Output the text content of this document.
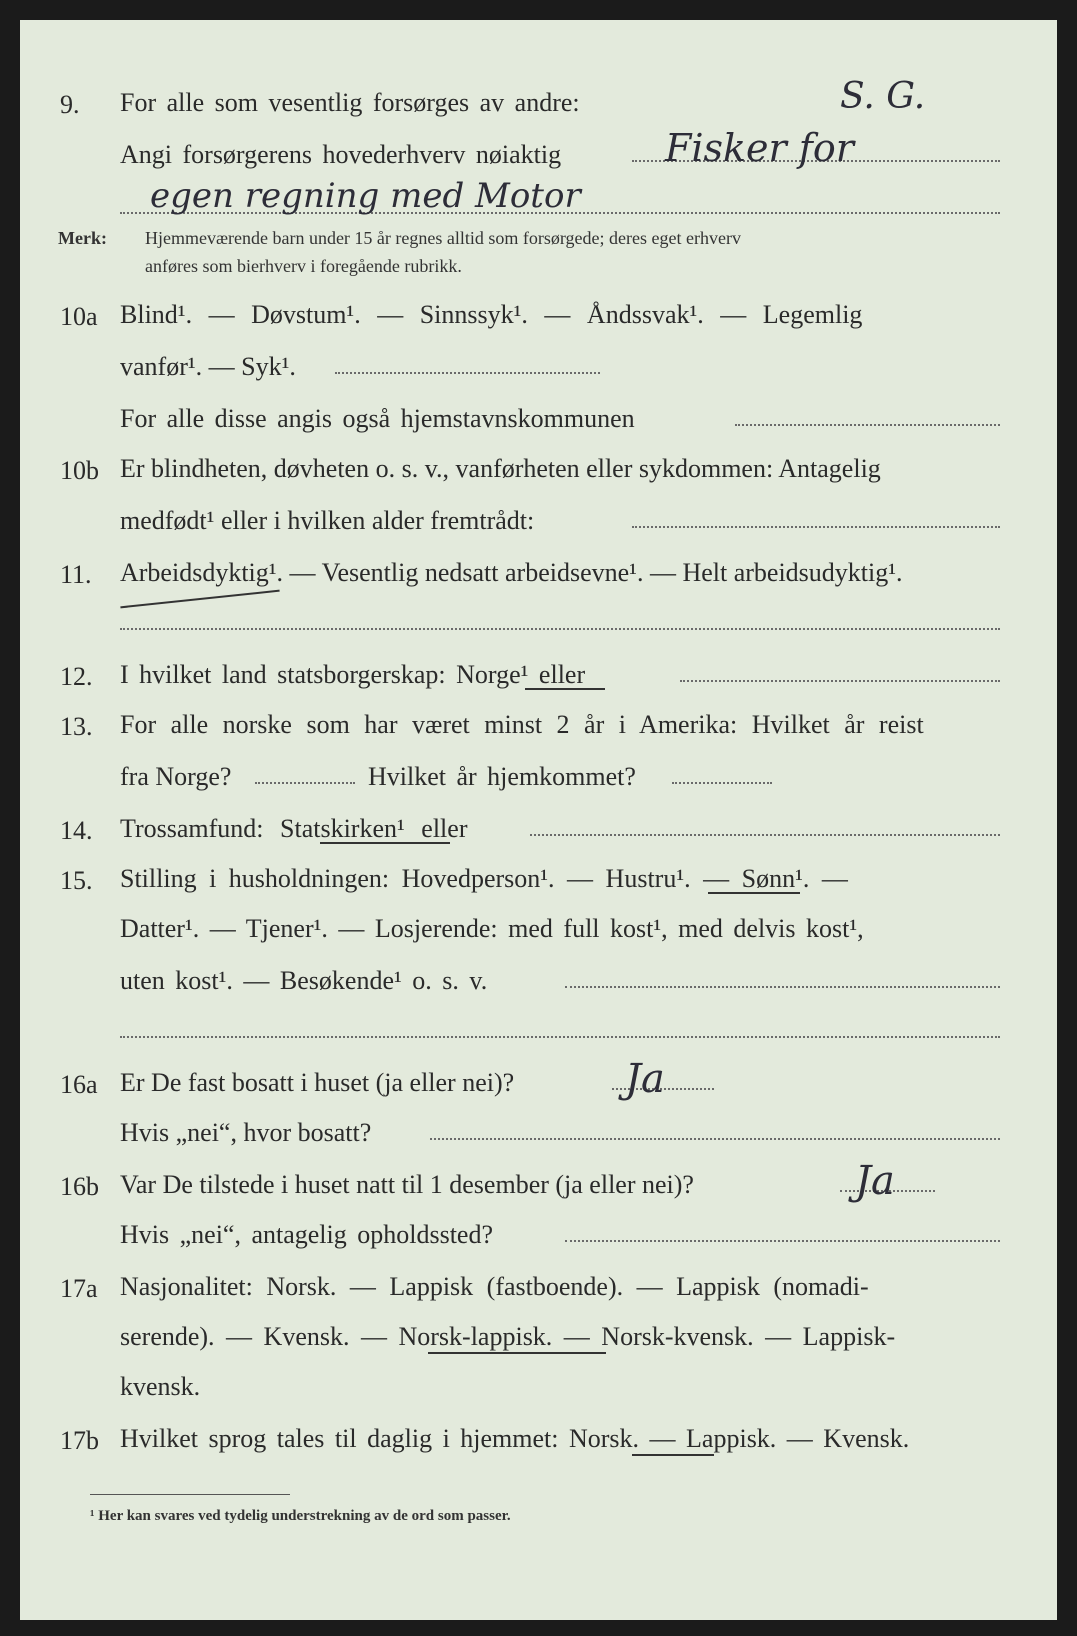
9. For alle som vesentlig forsørges av andre:	S. G.
Angi forsørgerens hovederhverv nøiaktig	Fisker for
egen regning med Motor
Merk: Hjemmeværende barn under 15 år regnes alltid som forsørgede; deres eget erhverv
anføres som bierhverv i foregående rubrikk.
10a Blind¹. — Døvstum¹. — Sinnssyk¹. — Åndssvak¹. — Legemlig
vanfør¹. — Syk¹.
For alle disse angis også hjemstavnskommunen
10b Er blindheten, døvheten o. s. v., vanførheten eller sykdommen: Antagelig
medfødt¹ eller i hvilken alder fremtrådt:
11. Arbeidsdyktig¹. — Vesentlig nedsatt arbeidsevne¹. — Helt arbeidsudyktig¹.
12. I hvilket land statsborgerskap: Norge¹ eller
13. For alle norske som har været minst 2 år i Amerika: Hvilket år reist
fra Norge?	Hvilket år hjemkommet?
14. Trossamfund: Statskirken¹ eller
15. Stilling i husholdningen: Hovedperson¹. — Hustru¹. — Sønn¹. —
Datter¹. — Tjener¹. — Losjerende: med full kost¹, med delvis kost¹,
uten kost¹. — Besøkende¹ o. s. v.
16a Er De fast bosatt i huset (ja eller nei)?	Ja
Hvis „nei“, hvor bosatt?
16b Var De tilstede i huset natt til 1 desember (ja eller nei)?	Ja
Hvis „nei“, antagelig opholdssted?
17a Nasjonalitet: Norsk. — Lappisk (fastboende). — Lappisk (nomadi-
serende). — Kvensk. — Norsk-lappisk. — Norsk-kvensk. — Lappisk-
kvensk.
17b Hvilket sprog tales til daglig i hjemmet: Norsk. — Lappisk. — Kvensk.
¹ Her kan svares ved tydelig understrekning av de ord som passer.
